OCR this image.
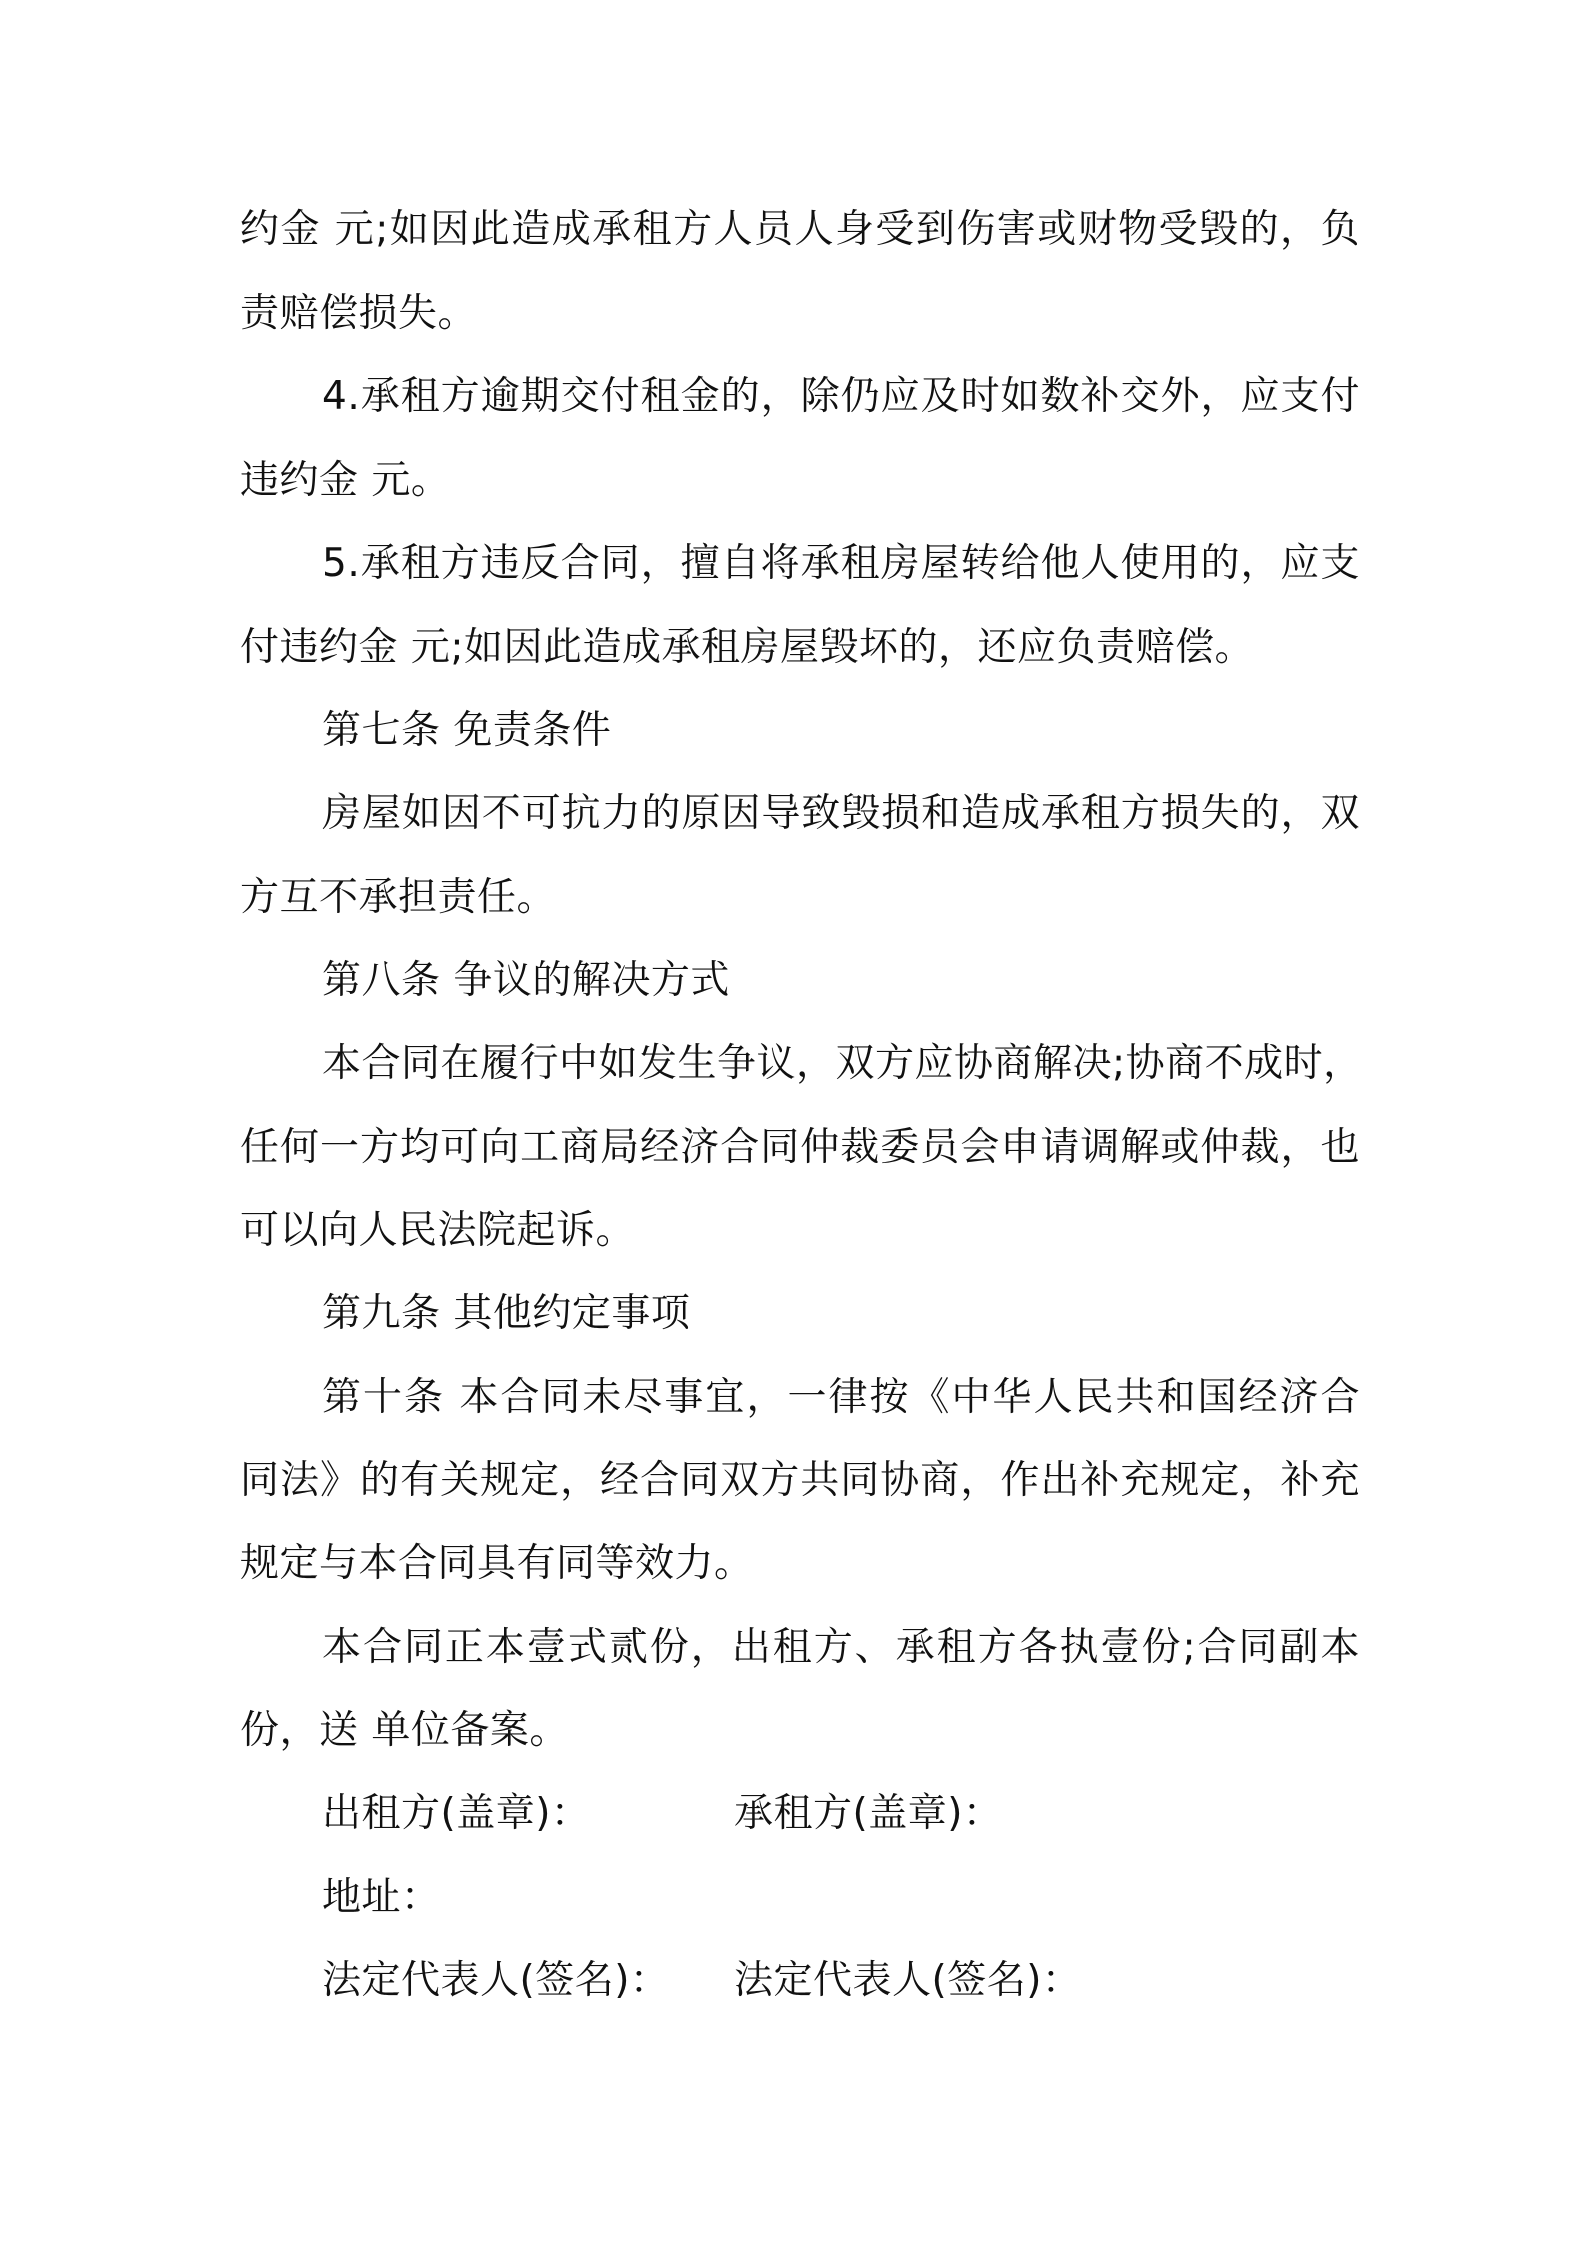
约金 元;如因此造成承租方人员人身受到伤害或财物受毁的，负
责赔偿损失。
4.承租方逾期交付租金的，除仍应及时如数补交外，应支付
违约金 元。
5.承租方违反合同，擅自将承租房屋转给他人使用的，应支
付违约金 元;如因此造成承租房屋毁坏的，还应负责赔偿。
第七条 免责条件
房屋如因不可抗力的原因导致毁损和造成承租方损失的，双
方互不承担责任。
第八条 争议的解决方式
本合同在履行中如发生争议，双方应协商解决;协商不成时，
任何一方均可向工商局经济合同仲裁委员会申请调解或仲裁，也
可以向人民法院起诉。
第九条 其他约定事项
第十条 本合同未尽事宜，一律按《中华人民共和国经济合
同法》的有关规定，经合同双方共同协商，作出补充规定，补充
规定与本合同具有同等效力。
本合同正本壹式贰份，出租方、承租方各执壹份;合同副本
份，送 单位备案。
出租方(盖章)：	承租方(盖章)：
地址：
法定代表人(签名)：	法定代表人(签名)：
